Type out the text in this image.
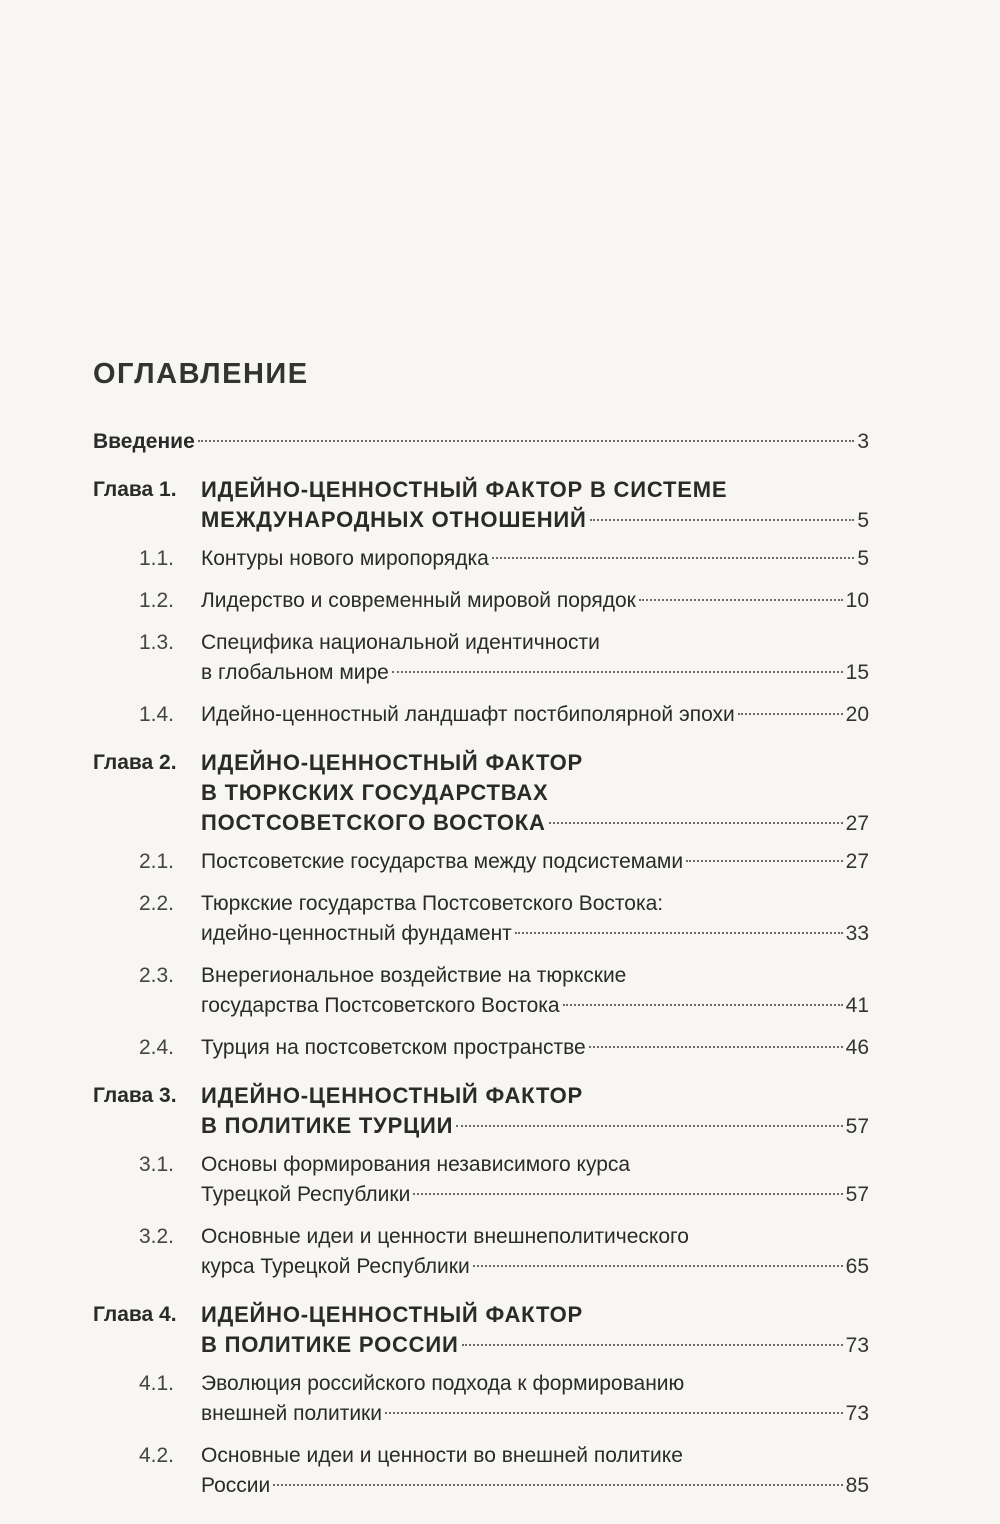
ОГЛАВЛЕНИЕ
Введение	3
Глава 1.	ИДЕЙНО-ЦЕННОСТНЫЙ ФАКТОР В СИСТЕМЕ
МЕЖДУНАРОДНЫХ ОТНОШЕНИЙ	5
1.1.	Контуры нового миропорядка	5
1.2.	Лидерство и современный мировой порядок	10
1.3.	Специфика национальной идентичности
в глобальном мире	15
1.4.	Идейно-ценностный ландшафт постбиполярной эпохи	20
Глава 2.	ИДЕЙНО-ЦЕННОСТНЫЙ ФАКТОР
В ТЮРКСКИХ ГОСУДАРСТВАХ
ПОСТСОВЕТСКОГО ВОСТОКА	27
2.1.	Постсоветские государства между подсистемами	27
2.2.	Тюркские государства Постсоветского Востока:
идейно-ценностный фундамент	33
2.3.	Внерегиональное воздействие на тюркские
государства Постсоветского Востока	41
2.4.	Турция на постсоветском пространстве	46
Глава 3.	ИДЕЙНО-ЦЕННОСТНЫЙ ФАКТОР
В ПОЛИТИКЕ ТУРЦИИ	57
3.1.	Основы формирования независимого курса
Турецкой Республики	57
3.2.	Основные идеи и ценности внешнеполитического
курса Турецкой Республики	65
Глава 4.	ИДЕЙНО-ЦЕННОСТНЫЙ ФАКТОР
В ПОЛИТИКЕ РОССИИ	73
4.1.	Эволюция российского подхода к формированию
внешней политики	73
4.2.	Основные идеи и ценности во внешней политике
России	85
